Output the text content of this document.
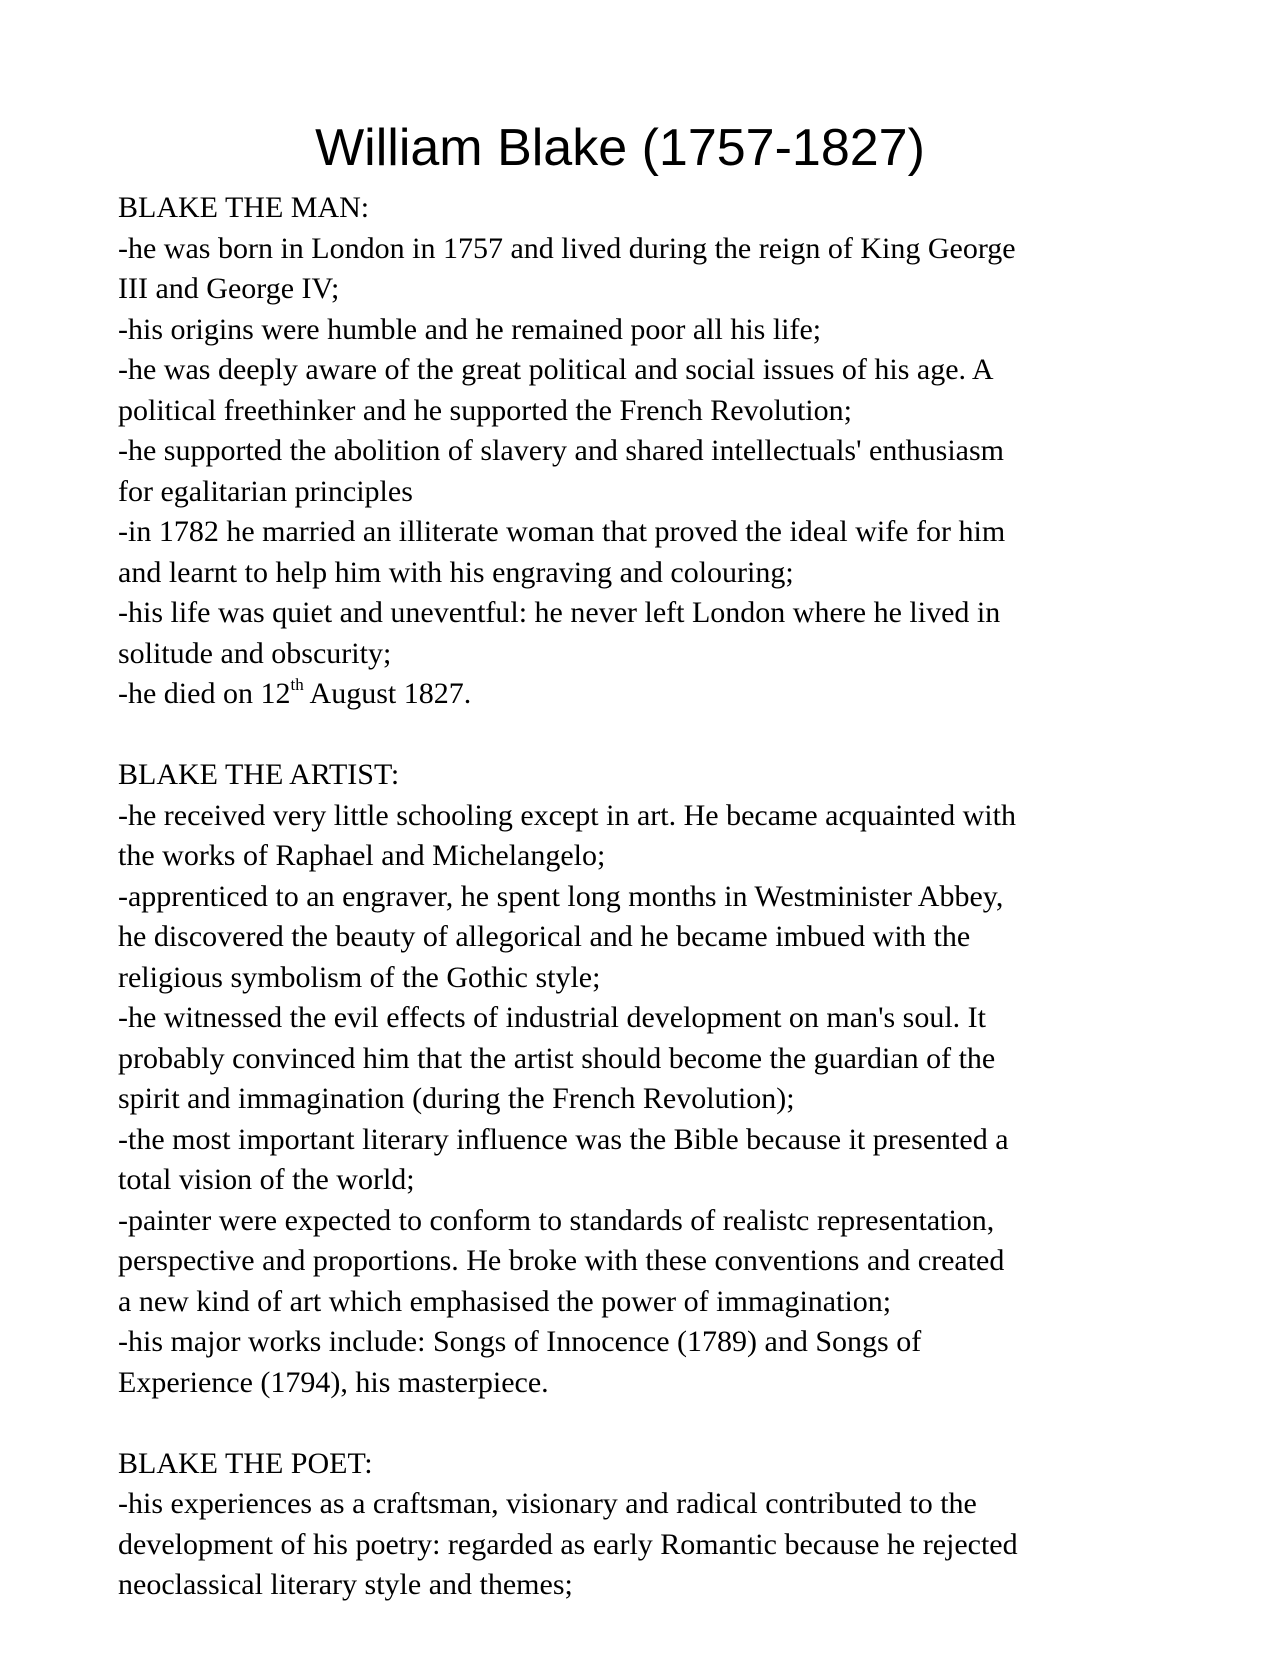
William Blake (1757-1827)

BLAKE THE MAN:

-he was born in London in 1757 and lived during the reign of King George

III and George IV;

-his origins were humble and he remained poor all his life;

-he was deeply aware of the great political and social issues of his age. A

political freethinker and he supported the French Revolution;

-he supported the abolition of slavery and shared intellectuals' enthusiasm

for egalitarian principles

-in 1782 he married an illiterate woman that proved the ideal wife for him

and learnt to help him with his engraving and colouring;

-his life was quiet and uneventful: he never left London where he lived in

solitude and obscurity;

-he died on 12th August 1827.

BLAKE THE ARTIST:

-he received very little schooling except in art. He became acquainted with

the works of Raphael and Michelangelo;

-apprenticed to an engraver, he spent long months in Westminister Abbey,

he discovered the beauty of allegorical and he became imbued with the

religious symbolism of the Gothic style;

-he witnessed the evil effects of industrial development on man's soul. It

probably convinced him that the artist should become the guardian of the

spirit and immagination (during the French Revolution);

-the most important literary influence was the Bible because it presented a

total vision of the world;

-painter were expected to conform to standards of realistc representation,

perspective and proportions. He broke with these conventions and created

a new kind of art which emphasised the power of immagination;

-his major works include: Songs of Innocence (1789) and Songs of

Experience (1794), his masterpiece.

BLAKE THE POET:

-his experiences as a craftsman, visionary and radical contributed to the

development of his poetry: regarded as early Romantic because he rejected

neoclassical literary style and themes;
